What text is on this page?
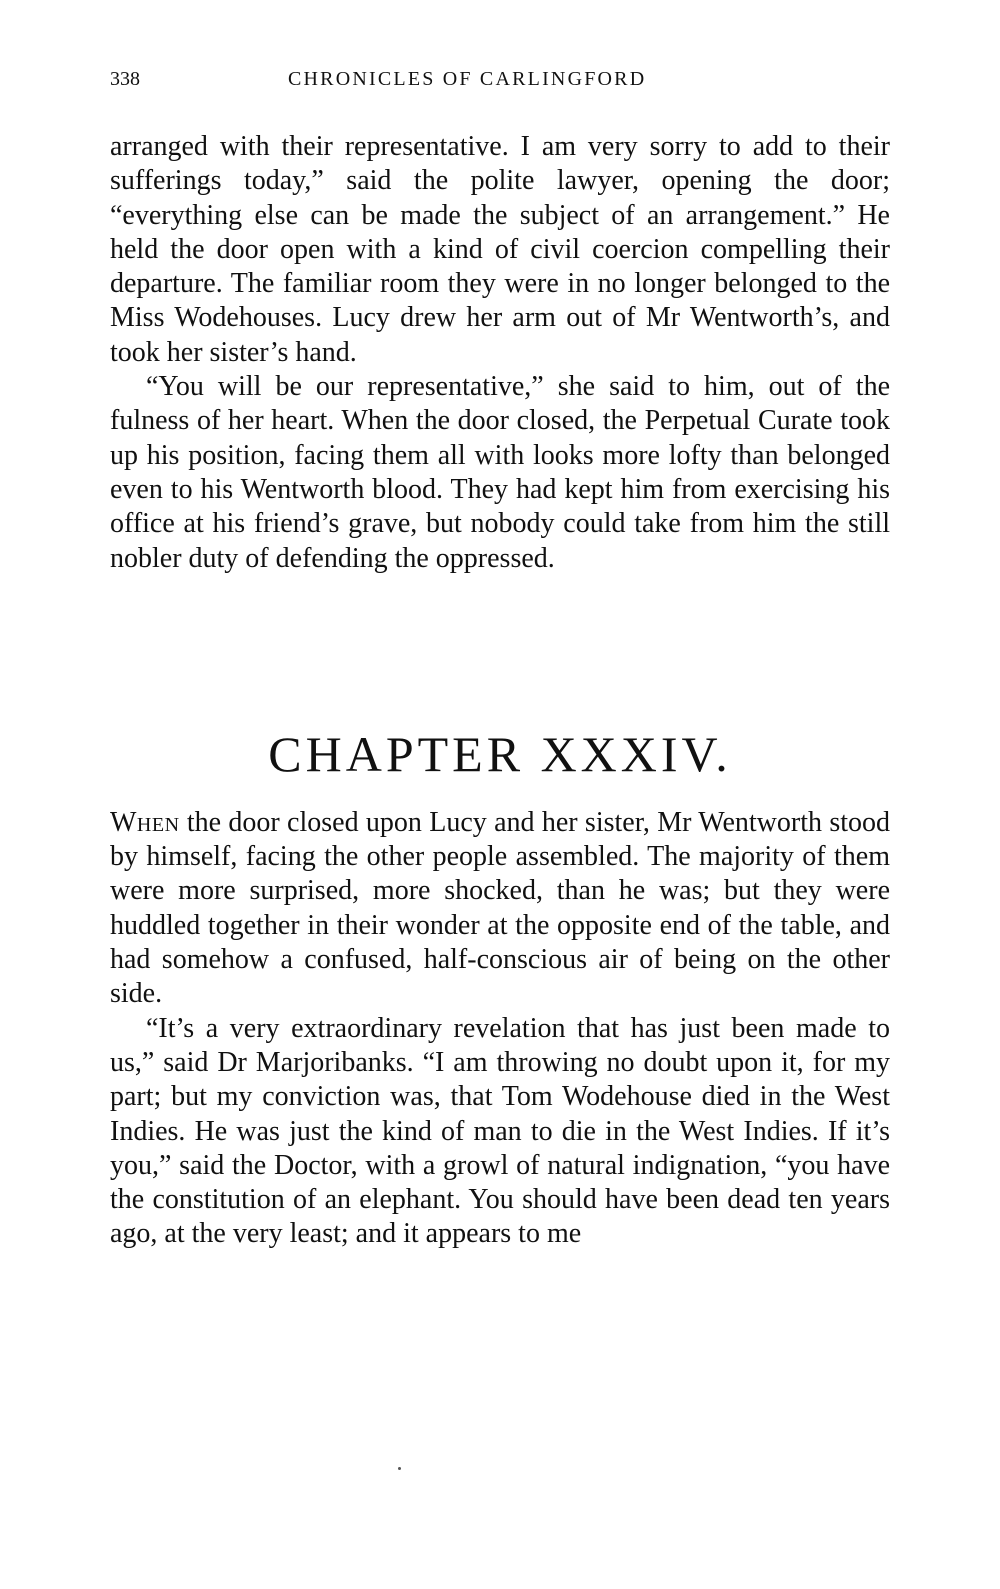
338	CHRONICLES OF CARLINGFORD

arranged with their representative. I am very sorry to add to their sufferings today,” said the polite lawyer, opening the door; “everything else can be made the subject of an arrangement.” He held the door open with a kind of civil coercion compelling their departure. The familiar room they were in no longer belonged to the Miss Wodehouses. Lucy drew her arm out of Mr Wentworth’s, and took her sister’s hand.

“You will be our representative,” she said to him, out of the fulness of her heart. When the door closed, the Perpetual Curate took up his position, facing them all with looks more lofty than belonged even to his Wentworth blood. They had kept him from exercising his office at his friend’s grave, but nobody could take from him the still nobler duty of defending the oppressed.

CHAPTER XXXIV.

When the door closed upon Lucy and her sister, Mr Wentworth stood by himself, facing the other people assembled. The majority of them were more surprised, more shocked, than he was; but they were huddled together in their wonder at the opposite end of the table, and had somehow a confused, half-conscious air of being on the other side.

“It’s a very extraordinary revelation that has just been made to us,” said Dr Marjoribanks. “I am throwing no doubt upon it, for my part; but my conviction was, that Tom Wodehouse died in the West Indies. He was just the kind of man to die in the West Indies. If it’s you,” said the Doctor, with a growl of natural indignation, “you have the constitution of an elephant. You should have been dead ten years ago, at the very least; and it appears to me
